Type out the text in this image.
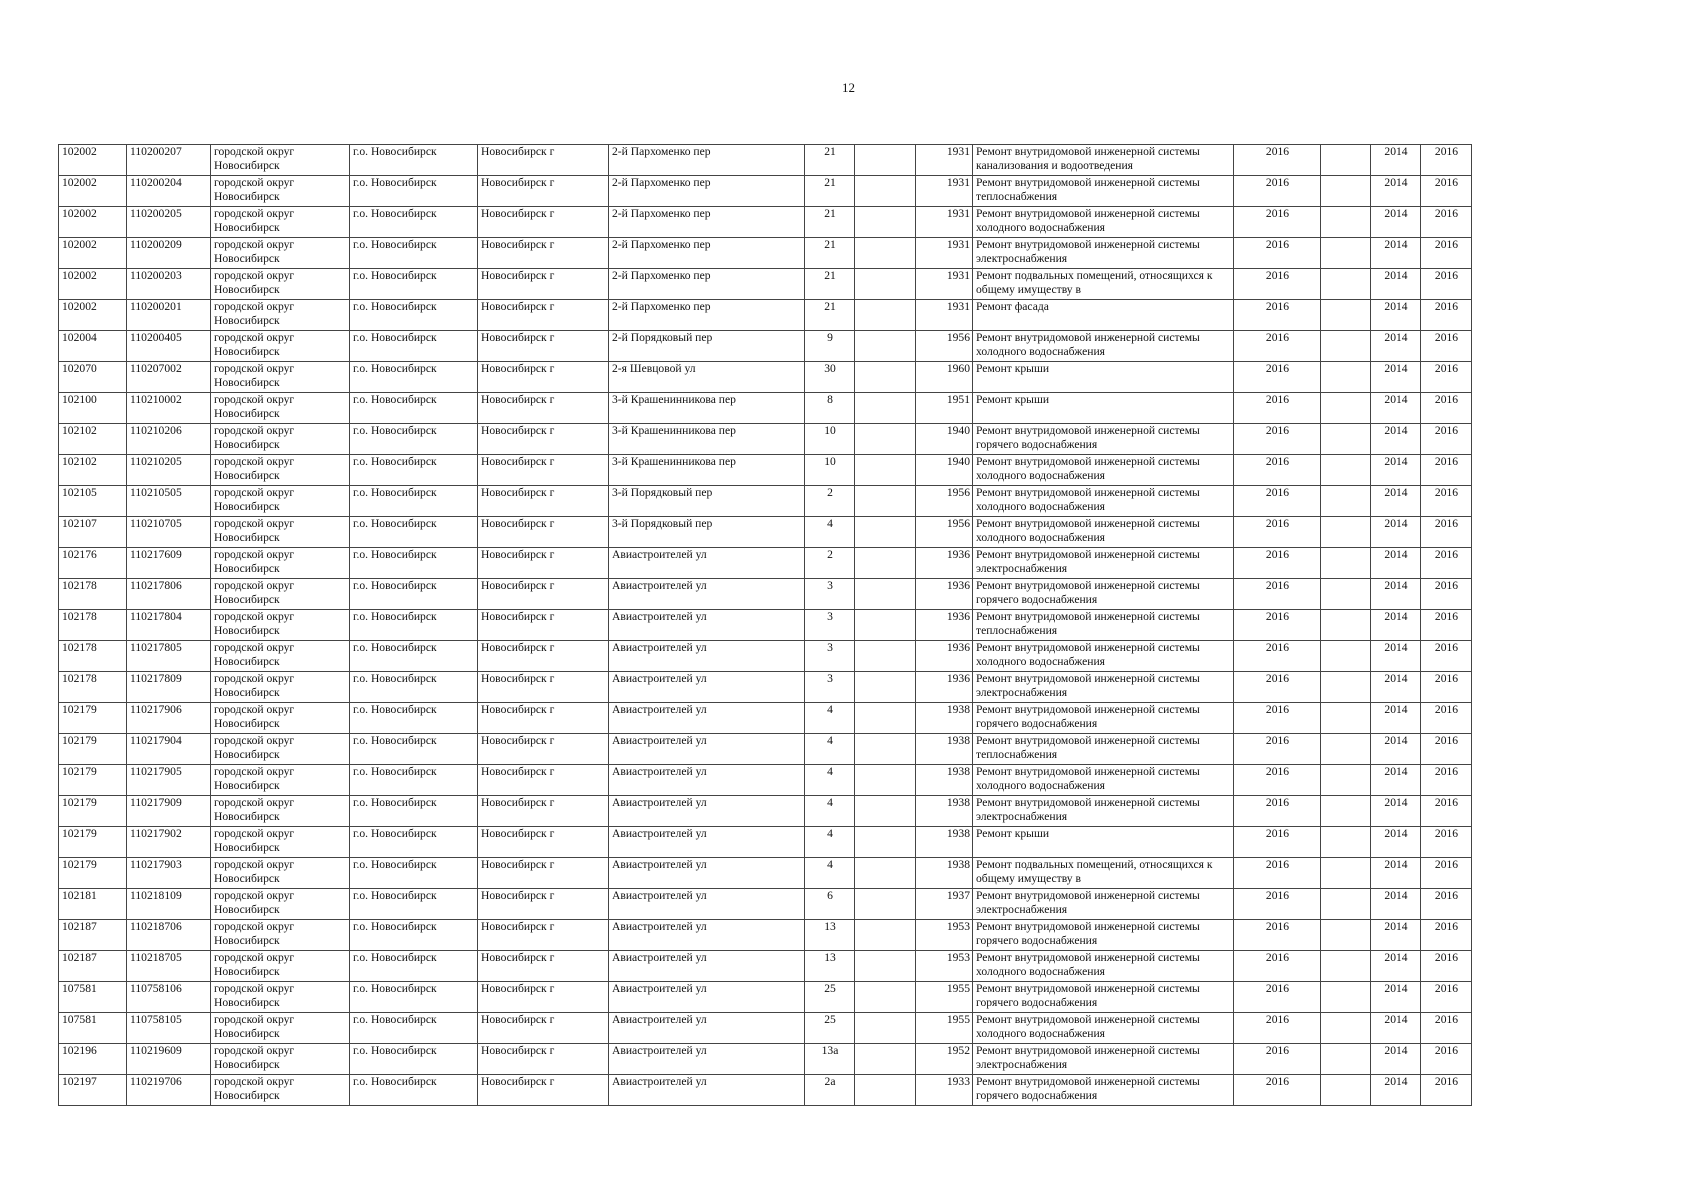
12
102002	110200207	городской округ Новосибирск	г.о. Новосибирск	Новосибирск г	2-й Пархоменко пер	21		1931	Ремонт внутридомовой инженерной системы канализования и водоотведения	2016		2014	2016
102002	110200204	городской округ Новосибирск	г.о. Новосибирск	Новосибирск г	2-й Пархоменко пер	21		1931	Ремонт внутридомовой инженерной системы теплоснабжения	2016		2014	2016
102002	110200205	городской округ Новосибирск	г.о. Новосибирск	Новосибирск г	2-й Пархоменко пер	21		1931	Ремонт внутридомовой инженерной системы холодного водоснабжения	2016		2014	2016
102002	110200209	городской округ Новосибирск	г.о. Новосибирск	Новосибирск г	2-й Пархоменко пер	21		1931	Ремонт внутридомовой инженерной системы электроснабжения	2016		2014	2016
102002	110200203	городской округ Новосибирск	г.о. Новосибирск	Новосибирск г	2-й Пархоменко пер	21		1931	Ремонт подвальных помещений, относящихся к общему имуществу в	2016		2014	2016
102002	110200201	городской округ Новосибирск	г.о. Новосибирск	Новосибирск г	2-й Пархоменко пер	21		1931	Ремонт фасада	2016		2014	2016
102004	110200405	городской округ Новосибирск	г.о. Новосибирск	Новосибирск г	2-й Порядковый пер	9		1956	Ремонт внутридомовой инженерной системы холодного водоснабжения	2016		2014	2016
102070	110207002	городской округ Новосибирск	г.о. Новосибирск	Новосибирск г	2-я Шевцовой ул	30		1960	Ремонт крыши	2016		2014	2016
102100	110210002	городской округ Новосибирск	г.о. Новосибирск	Новосибирск г	3-й Крашенинникова пер	8		1951	Ремонт крыши	2016		2014	2016
102102	110210206	городской округ Новосибирск	г.о. Новосибирск	Новосибирск г	3-й Крашенинникова пер	10		1940	Ремонт внутридомовой инженерной системы горячего водоснабжения	2016		2014	2016
102102	110210205	городской округ Новосибирск	г.о. Новосибирск	Новосибирск г	3-й Крашенинникова пер	10		1940	Ремонт внутридомовой инженерной системы холодного водоснабжения	2016		2014	2016
102105	110210505	городской округ Новосибирск	г.о. Новосибирск	Новосибирск г	3-й Порядковый пер	2		1956	Ремонт внутридомовой инженерной системы холодного водоснабжения	2016		2014	2016
102107	110210705	городской округ Новосибирск	г.о. Новосибирск	Новосибирск г	3-й Порядковый пер	4		1956	Ремонт внутридомовой инженерной системы холодного водоснабжения	2016		2014	2016
102176	110217609	городской округ Новосибирск	г.о. Новосибирск	Новосибирск г	Авиастроителей ул	2		1936	Ремонт внутридомовой инженерной системы электроснабжения	2016		2014	2016
102178	110217806	городской округ Новосибирск	г.о. Новосибирск	Новосибирск г	Авиастроителей ул	3		1936	Ремонт внутридомовой инженерной системы горячего водоснабжения	2016		2014	2016
102178	110217804	городской округ Новосибирск	г.о. Новосибирск	Новосибирск г	Авиастроителей ул	3		1936	Ремонт внутридомовой инженерной системы теплоснабжения	2016		2014	2016
102178	110217805	городской округ Новосибирск	г.о. Новосибирск	Новосибирск г	Авиастроителей ул	3		1936	Ремонт внутридомовой инженерной системы холодного водоснабжения	2016		2014	2016
102178	110217809	городской округ Новосибирск	г.о. Новосибирск	Новосибирск г	Авиастроителей ул	3		1936	Ремонт внутридомовой инженерной системы электроснабжения	2016		2014	2016
102179	110217906	городской округ Новосибирск	г.о. Новосибирск	Новосибирск г	Авиастроителей ул	4		1938	Ремонт внутридомовой инженерной системы горячего водоснабжения	2016		2014	2016
102179	110217904	городской округ Новосибирск	г.о. Новосибирск	Новосибирск г	Авиастроителей ул	4		1938	Ремонт внутридомовой инженерной системы теплоснабжения	2016		2014	2016
102179	110217905	городской округ Новосибирск	г.о. Новосибирск	Новосибирск г	Авиастроителей ул	4		1938	Ремонт внутридомовой инженерной системы холодного водоснабжения	2016		2014	2016
102179	110217909	городской округ Новосибирск	г.о. Новосибирск	Новосибирск г	Авиастроителей ул	4		1938	Ремонт внутридомовой инженерной системы электроснабжения	2016		2014	2016
102179	110217902	городской округ Новосибирск	г.о. Новосибирск	Новосибирск г	Авиастроителей ул	4		1938	Ремонт крыши	2016		2014	2016
102179	110217903	городской округ Новосибирск	г.о. Новосибирск	Новосибирск г	Авиастроителей ул	4		1938	Ремонт подвальных помещений, относящихся к общему имуществу в	2016		2014	2016
102181	110218109	городской округ Новосибирск	г.о. Новосибирск	Новосибирск г	Авиастроителей ул	6		1937	Ремонт внутридомовой инженерной системы электроснабжения	2016		2014	2016
102187	110218706	городской округ Новосибирск	г.о. Новосибирск	Новосибирск г	Авиастроителей ул	13		1953	Ремонт внутридомовой инженерной системы горячего водоснабжения	2016		2014	2016
102187	110218705	городской округ Новосибирск	г.о. Новосибирск	Новосибирск г	Авиастроителей ул	13		1953	Ремонт внутридомовой инженерной системы холодного водоснабжения	2016		2014	2016
107581	110758106	городской округ Новосибирск	г.о. Новосибирск	Новосибирск г	Авиастроителей ул	25		1955	Ремонт внутридомовой инженерной системы горячего водоснабжения	2016		2014	2016
107581	110758105	городской округ Новосибирск	г.о. Новосибирск	Новосибирск г	Авиастроителей ул	25		1955	Ремонт внутридомовой инженерной системы холодного водоснабжения	2016		2014	2016
102196	110219609	городской округ Новосибирск	г.о. Новосибирск	Новосибирск г	Авиастроителей ул	13а		1952	Ремонт внутридомовой инженерной системы электроснабжения	2016		2014	2016
102197	110219706	городской округ Новосибирск	г.о. Новосибирск	Новосибирск г	Авиастроителей ул	2а		1933	Ремонт внутридомовой инженерной системы горячего водоснабжения	2016		2014	2016
